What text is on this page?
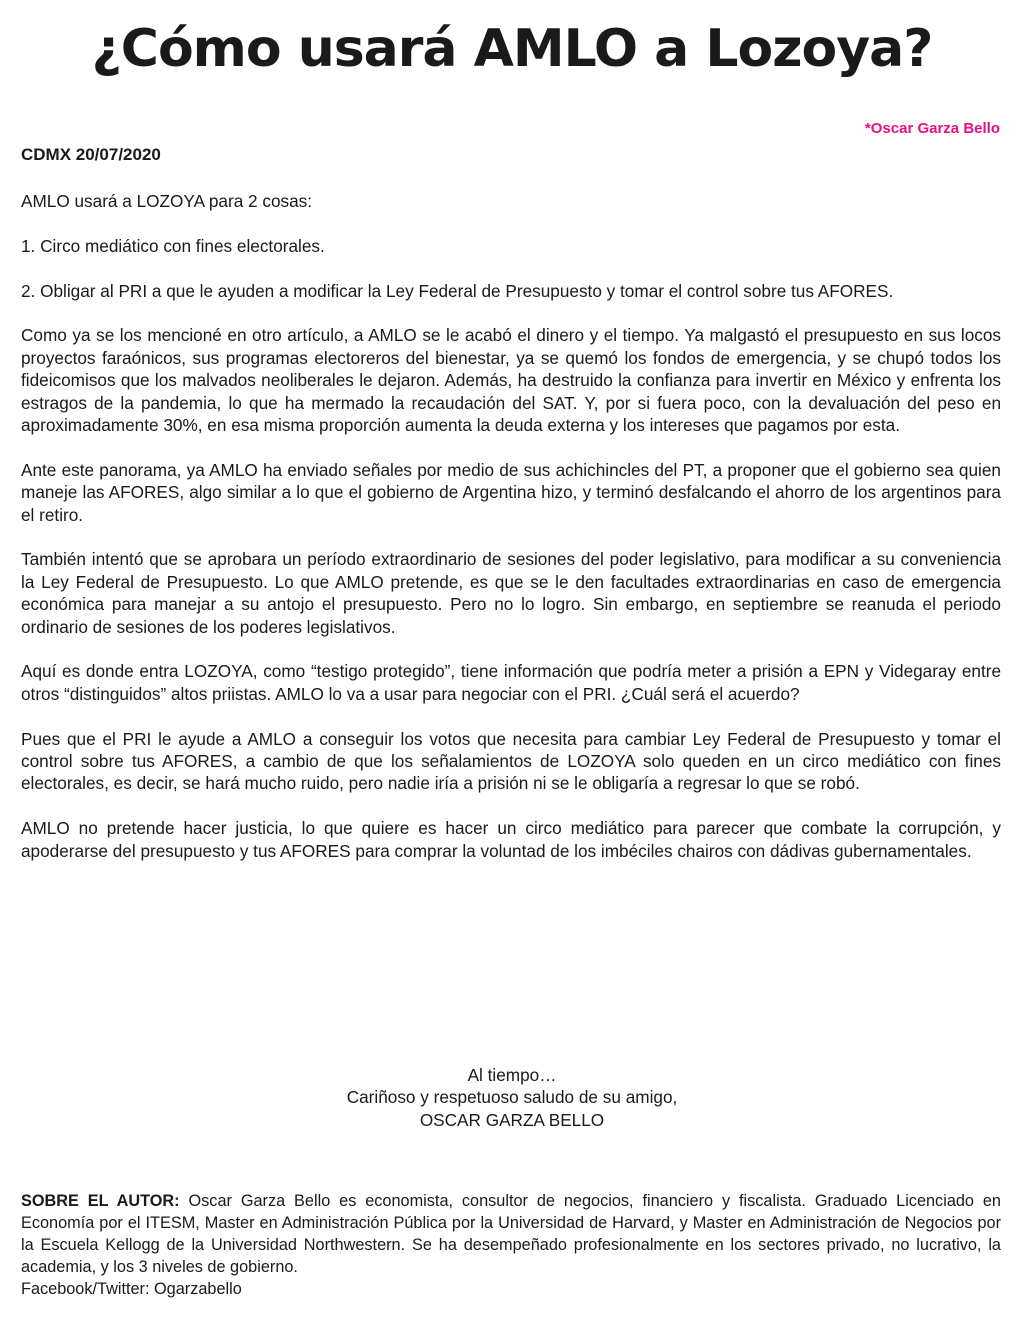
¿Cómo usará AMLO a Lozoya?
*Oscar Garza Bello

CDMX 20/07/2020

AMLO usará a LOZOYA para 2 cosas:

1. Circo mediático con fines electorales.

2. Obligar al PRI a que le ayuden a modificar la Ley Federal de Presupuesto y tomar el control sobre tus AFORES.

Como ya se los mencioné en otro artículo, a AMLO se le acabó el dinero y el tiempo. Ya malgastó el presupuesto en sus locos proyectos faraónicos, sus programas electoreros del bienestar, ya se quemó los fondos de emergencia, y se chupó todos los fideicomisos que los malvados neoliberales le dejaron. Además, ha destruido la confianza para invertir en México y enfrenta los estragos de la pandemia, lo que ha mermado la recaudación del SAT. Y, por si fuera poco, con la devaluación del peso en aproximadamente 30%, en esa misma proporción aumenta la deuda externa y los intereses que pagamos por esta.

Ante este panorama, ya AMLO ha enviado señales por medio de sus achichincles del PT, a proponer que el gobierno sea quien maneje las AFORES, algo similar a lo que el gobierno de Argentina hizo, y terminó desfalcando el ahorro de los argentinos para el retiro.

También intentó que se aprobara un período extraordinario de sesiones del poder legislativo, para modificar a su conveniencia la Ley Federal de Presupuesto. Lo que AMLO pretende, es que se le den facultades extraordinarias en caso de emergencia económica para manejar a su antojo el presupuesto. Pero no lo logro. Sin embargo, en septiembre se reanuda el periodo ordinario de sesiones de los poderes legislativos.

Aquí es donde entra LOZOYA, como “testigo protegido”, tiene información que podría meter a prisión a EPN y Videgaray entre otros “distinguidos” altos priistas. AMLO lo va a usar para negociar con el PRI. ¿Cuál será el acuerdo?

Pues que el PRI le ayude a AMLO a conseguir los votos que necesita para cambiar Ley Federal de Presupuesto y tomar el control sobre tus AFORES, a cambio de que los señalamientos de LOZOYA solo queden en un circo mediático con fines electorales, es decir, se hará mucho ruido, pero nadie iría a prisión ni se le obligaría a regresar lo que se robó.

AMLO no pretende hacer justicia, lo que quiere es hacer un circo mediático para parecer que combate la corrupción, y apoderarse del presupuesto y tus AFORES para comprar la voluntad de los imbéciles chairos con dádivas gubernamentales.

Al tiempo…
Cariñoso y respetuoso saludo de su amigo,
OSCAR GARZA BELLO

SOBRE EL AUTOR: Oscar Garza Bello es economista, consultor de negocios, financiero y fiscalista. Graduado Licenciado en Economía por el ITESM, Master en Administración Pública por la Universidad de Harvard, y Master en Administración de Negocios por la Escuela Kellogg de la Universidad Northwestern. Se ha desempeñado profesionalmente en los sectores privado, no lucrativo, la academia, y los 3 niveles de gobierno.

Facebook/Twitter: Ogarzabello
